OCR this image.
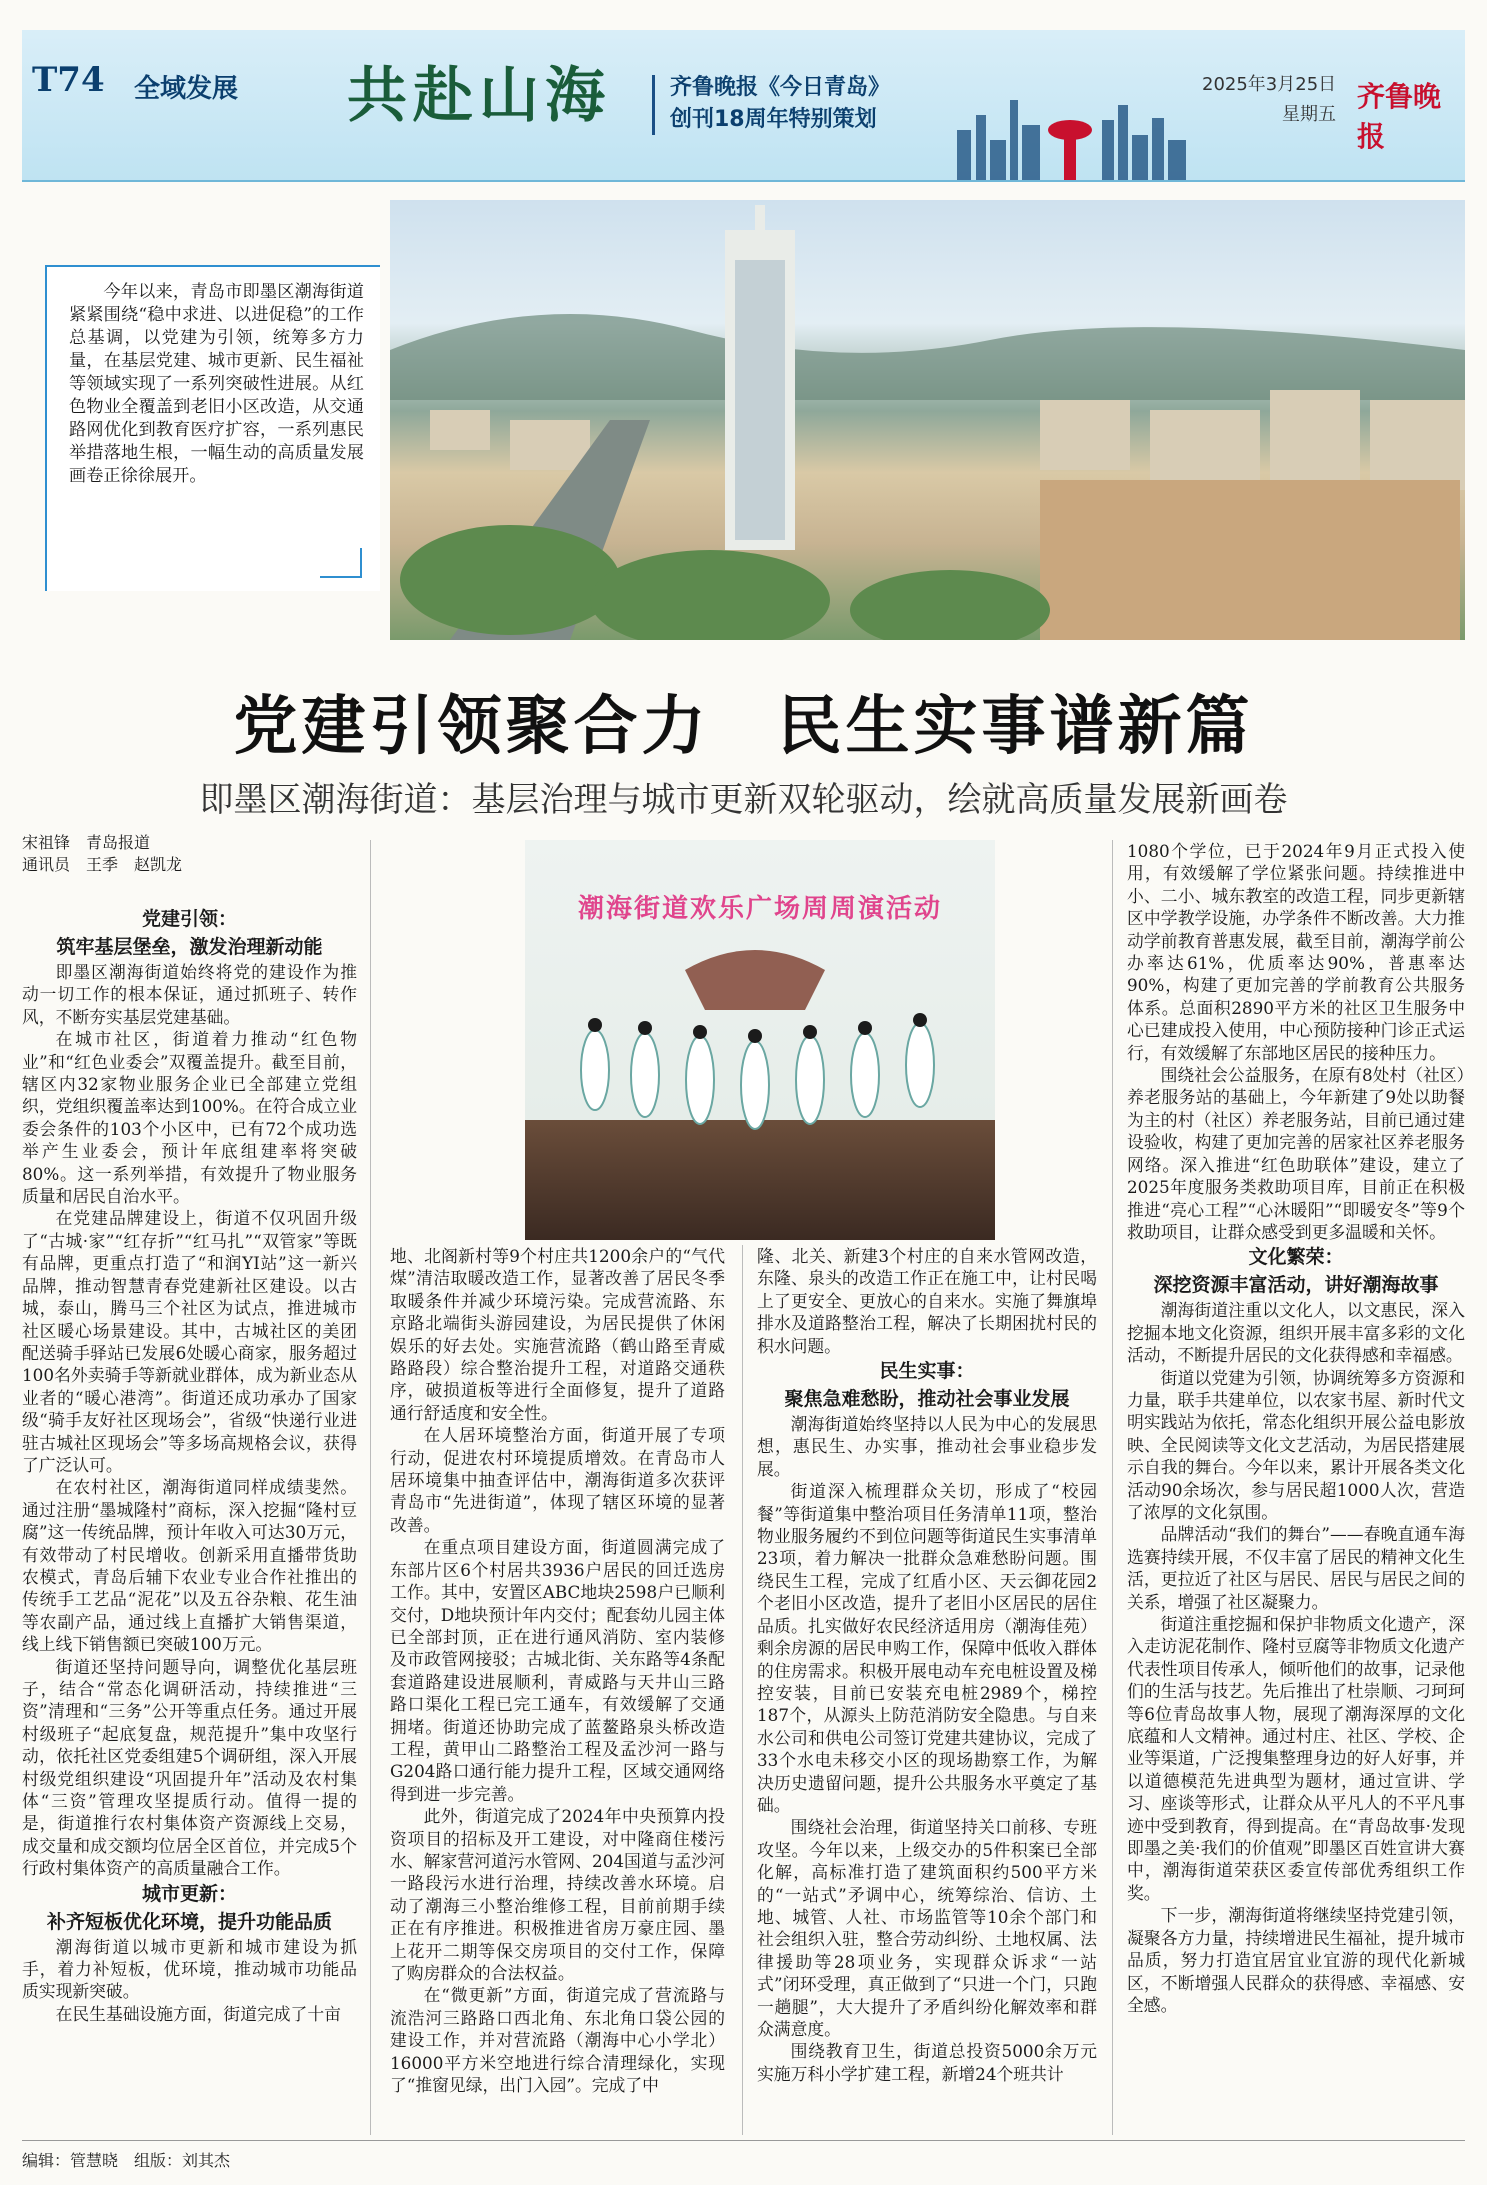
T74 全域发展 共赴山海	齐鲁晚报《今日青岛》
创刊18周年特别策划
2025年3月25日
星期五
齐鲁晚报
今年以来，青岛市即墨区潮海街道紧紧围绕“稳中求进、以进促稳”的工作总基调，以党建为引领，统筹多方力量，在基层党建、城市更新、民生福祉等领域实现了一系列突破性进展。从红色物业全覆盖到老旧小区改造，从交通路网优化到教育医疗扩容，一系列惠民举措落地生根，一幅生动的高质量发展画卷正徐徐展开。
党建引领聚合力　民生实事谱新篇
即墨区潮海街道：基层治理与城市更新双轮驱动，绘就高质量发展新画卷
宋祖锋　青岛报道
通讯员　王季　赵凯龙

党建引领：

筑牢基层堡垒，激发治理新动能

即墨区潮海街道始终将党的建设作为推动一切工作的根本保证，通过抓班子、转作风，不断夯实基层党建基础。

在城市社区，街道着力推动“红色物业”和“红色业委会”双覆盖提升。截至目前，辖区内32家物业服务企业已全部建立党组织，党组织覆盖率达到100%。在符合成立业委会条件的103个小区中，已有72个成功选举产生业委会，预计年底组建率将突破80%。这一系列举措，有效提升了物业服务质量和居民自治水平。

在党建品牌建设上，街道不仅巩固升级了“古城·家”“红存折”“红马扎”“双管家”等既有品牌，更重点打造了“和润YI站”这一新兴品牌，推动智慧青春党建新社区建设。以古城，泰山，腾马三个社区为试点，推进城市社区暖心场景建设。其中，古城社区的美团配送骑手驿站已发展6处暖心商家，服务超过100名外卖骑手等新就业群体，成为新业态从业者的“暖心港湾”。街道还成功承办了国家级“骑手友好社区现场会”，省级“快递行业进驻古城社区现场会”等多场高规格会议，获得了广泛认可。

在农村社区，潮海街道同样成绩斐然。通过注册“墨城隆村”商标，深入挖掘“隆村豆腐”这一传统品牌，预计年收入可达30万元，有效带动了村民增收。创新采用直播带货助农模式，青岛后辅下农业专业合作社推出的传统手工艺品“泥花”以及五谷杂粮、花生油等农副产品，通过线上直播扩大销售渠道，线上线下销售额已突破100万元。

街道还坚持问题导向，调整优化基层班子，结合“常态化调研活动，持续推进“三资”清理和“三务”公开等重点任务。通过开展村级班子“起底复盘，规范提升”集中攻坚行动，依托社区党委组建5个调研组，深入开展村级党组织建设“巩固提升年”活动及农村集体“三资”管理攻坚提质行动。值得一提的是，街道推行农村集体资产资源线上交易，成交量和成交额均位居全区首位，并完成5个行政村集体资产的高质量融合工作。

城市更新：

补齐短板优化环境，提升功能品质

潮海街道以城市更新和城市建设为抓手，着力补短板，优环境，推动城市功能品质实现新突破。

在民生基础设施方面，街道完成了十亩

潮海街道欢乐广场周周演活动

地、北阁新村等9个村庄共1200余户的“气代煤”清洁取暖改造工作，显著改善了居民冬季取暖条件并减少环境污染。完成营流路、东京路北端街头游园建设，为居民提供了休闲娱乐的好去处。实施营流路（鹤山路至青威路路段）综合整治提升工程，对道路交通秩序，破损道板等进行全面修复，提升了道路通行舒适度和安全性。

在人居环境整治方面，街道开展了专项行动，促进农村环境提质增效。在青岛市人居环境集中抽查评估中，潮海街道多次获评青岛市“先进街道”，体现了辖区环境的显著改善。

在重点项目建设方面，街道圆满完成了东部片区6个村居共3936户居民的回迁选房工作。其中，安置区ABC地块2598户已顺利交付，D地块预计年内交付；配套幼儿园主体已全部封顶，正在进行通风消防、室内装修及市政管网接驳；古城北街、关东路等4条配套道路建设进展顺利，青威路与天井山三路路口渠化工程已完工通车，有效缓解了交通拥堵。街道还协助完成了蓝鳌路泉头桥改造工程，黄甲山二路整治工程及孟沙河一路与G204路口通行能力提升工程，区域交通网络得到进一步完善。

此外，街道完成了2024年中央预算内投资项目的招标及开工建设，对中隆商住楼污水、解家营河道污水管网、204国道与孟沙河一路段污水进行治理，持续改善水环境。启动了潮海三小整治维修工程，目前前期手续正在有序推进。积极推进省房万豪庄园、墨上花开二期等保交房项目的交付工作，保障了购房群众的合法权益。

在“微更新”方面，街道完成了营流路与流浩河三路路口西北角、东北角口袋公园的建设工作，并对营流路（潮海中心小学北）16000平方米空地进行综合清理绿化，实现了“推窗见绿，出门入园”。完成了中

隆、北关、新建3个村庄的自来水管网改造，东隆、泉头的改造工作正在施工中，让村民喝上了更安全、更放心的自来水。实施了舞旗埠排水及道路整治工程，解决了长期困扰村民的积水问题。

民生实事：

聚焦急难愁盼，推动社会事业发展

潮海街道始终坚持以人民为中心的发展思想，惠民生、办实事，推动社会事业稳步发展。

街道深入梳理群众关切，形成了“校园餐”等街道集中整治项目任务清单11项，整治物业服务履约不到位问题等街道民生实事清单23项，着力解决一批群众急难愁盼问题。围绕民生工程，完成了红盾小区、天云御花园2个老旧小区改造，提升了老旧小区居民的居住品质。扎实做好农民经济适用房（潮海佳苑）剩余房源的居民申购工作，保障中低收入群体的住房需求。积极开展电动车充电桩设置及梯控安装，目前已安装充电桩2989个，梯控187个，从源头上防范消防安全隐患。与自来水公司和供电公司签订党建共建协议，完成了33个水电未移交小区的现场勘察工作，为解决历史遗留问题，提升公共服务水平奠定了基础。

围绕社会治理，街道坚持关口前移、专班攻坚。今年以来，上级交办的5件积案已全部化解，高标准打造了建筑面积约500平方米的“一站式”矛调中心，统筹综治、信访、土地、城管、人社、市场监管等10余个部门和社会组织入驻，整合劳动纠纷、土地权属、法律援助等28项业务，实现群众诉求“一站式”闭环受理，真正做到了“只进一个门，只跑一趟腿”，大大提升了矛盾纠纷化解效率和群众满意度。

围绕教育卫生，街道总投资5000余万元实施万科小学扩建工程，新增24个班共计

1080个学位，已于2024年9月正式投入使用，有效缓解了学位紧张问题。持续推进中小、二小、城东教室的改造工程，同步更新辖区中学教学设施，办学条件不断改善。大力推动学前教育普惠发展，截至目前，潮海学前公办率达61%，优质率达90%，普惠率达90%，构建了更加完善的学前教育公共服务体系。总面积2890平方米的社区卫生服务中心已建成投入使用，中心预防接种门诊正式运行，有效缓解了东部地区居民的接种压力。

围绕社会公益服务，在原有8处村（社区）养老服务站的基础上，今年新建了9处以助餐为主的村（社区）养老服务站，目前已通过建设验收，构建了更加完善的居家社区养老服务网络。深入推进“红色助联体”建设，建立了2025年度服务类救助项目库，目前正在积极推进“亮心工程”“心沐暖阳”“即暖安冬”等9个救助项目，让群众感受到更多温暖和关怀。

文化繁荣：

深挖资源丰富活动，讲好潮海故事

潮海街道注重以文化人，以文惠民，深入挖掘本地文化资源，组织开展丰富多彩的文化活动，不断提升居民的文化获得感和幸福感。

街道以党建为引领，协调统筹多方资源和力量，联手共建单位，以农家书屋、新时代文明实践站为依托，常态化组织开展公益电影放映、全民阅读等文化文艺活动，为居民搭建展示自我的舞台。今年以来，累计开展各类文化活动90余场次，参与居民超1000人次，营造了浓厚的文化氛围。

品牌活动“我们的舞台”——春晚直通车海选赛持续开展，不仅丰富了居民的精神文化生活，更拉近了社区与居民、居民与居民之间的关系，增强了社区凝聚力。

街道注重挖掘和保护非物质文化遗产，深入走访泥花制作、隆村豆腐等非物质文化遗产代表性项目传承人，倾听他们的故事，记录他们的生活与技艺。先后推出了杜崇顺、刁珂珂等6位青岛故事人物，展现了潮海深厚的文化底蕴和人文精神。通过村庄、社区、学校、企业等渠道，广泛搜集整理身边的好人好事，并以道德模范先进典型为题材，通过宣讲、学习、座谈等形式，让群众从平凡人的不平凡事迹中受到教育，得到提高。在“青岛故事·发现即墨之美·我们的价值观”即墨区百姓宣讲大赛中，潮海街道荣获区委宣传部优秀组织工作奖。

下一步，潮海街道将继续坚持党建引领，凝聚各方力量，持续增进民生福祉，提升城市品质，努力打造宜居宜业宜游的现代化新城区，不断增强人民群众的获得感、幸福感、安全感。

编辑：管慧晓　组版：刘其杰
